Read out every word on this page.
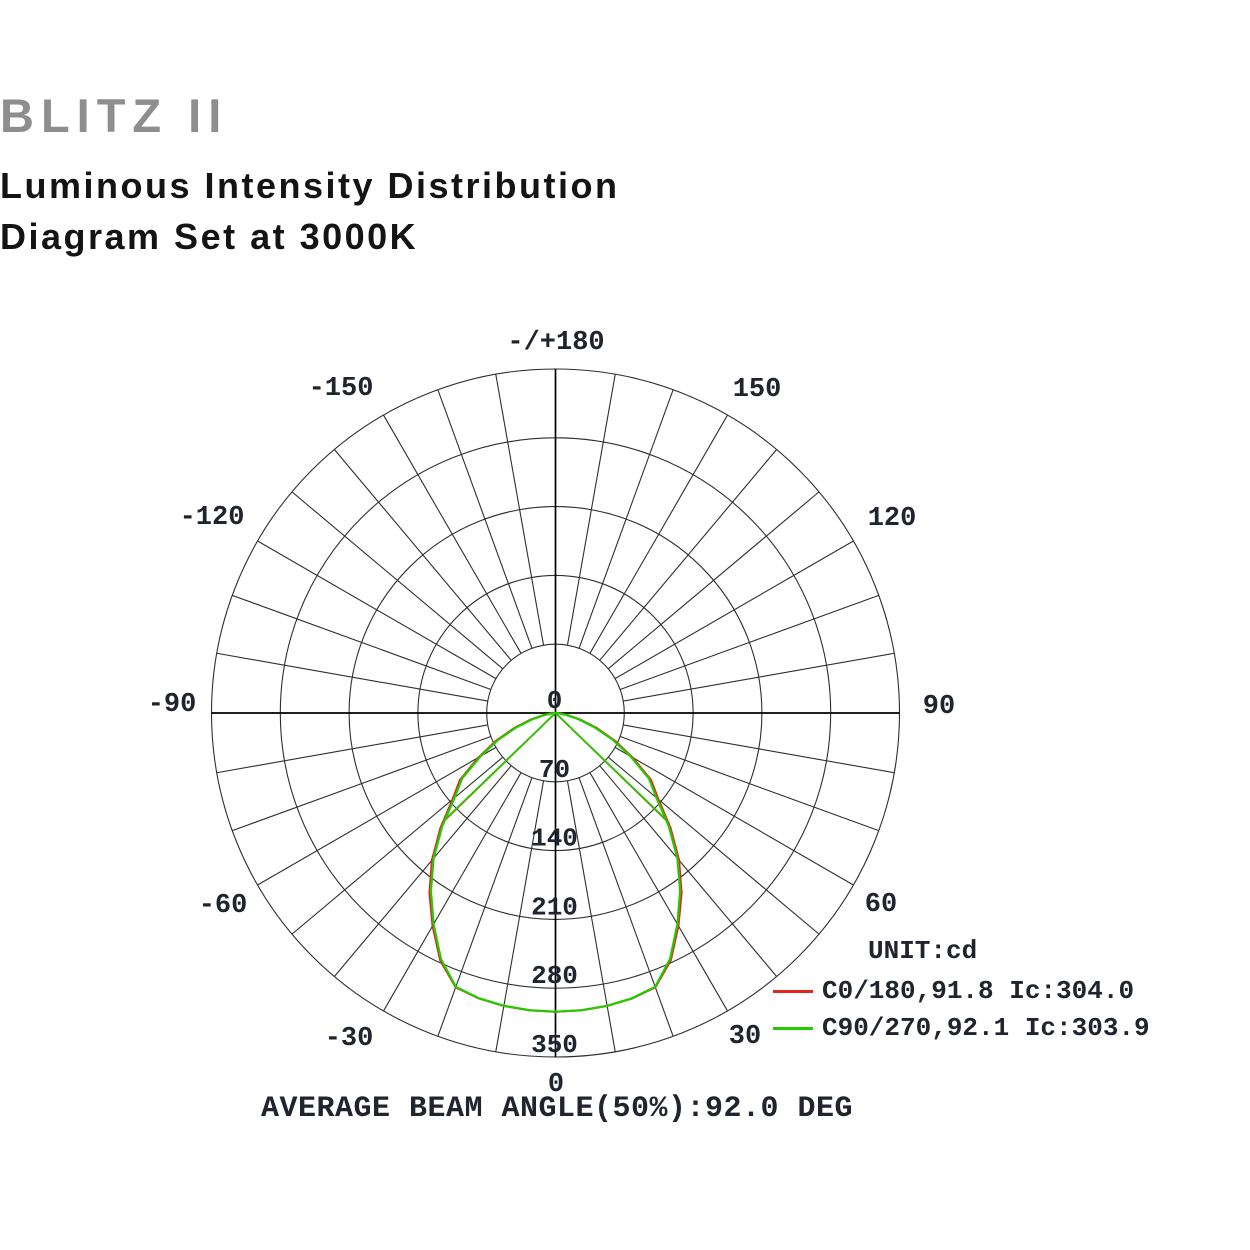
BLITZ II
Luminous Intensity Distribution
Diagram Set at 3000K
0
30
60
90
120
150
-/+180
-150
-120
-90
-60
-30
0
70
140
210
280
350
UNIT:cd
C0/180,91.8 Ic:304.0
C90/270,92.1 Ic:303.9
AVERAGE BEAM ANGLE(50%):92.0 DEG
